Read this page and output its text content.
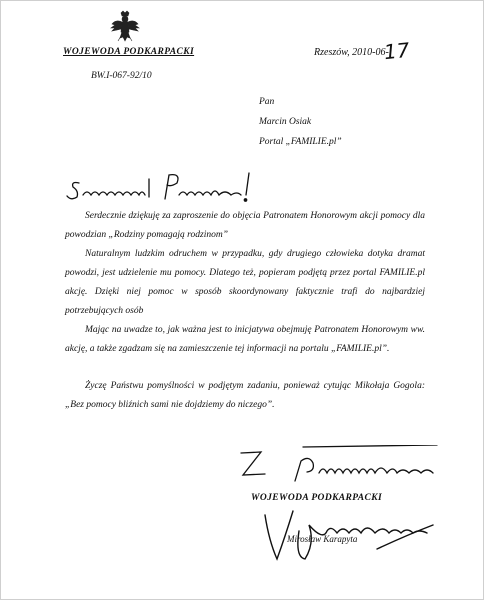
WOJEWODA PODKARPACKI
BW.I-067-92/10
Rzeszów, 2010-06-
17
Pan
Marcin Osiak
Portal „FAMILIE.pl”

Serdecznie dziękuję za zaproszenie do objęcia Patronatem Honorowym akcji pomocy dla powodzian „Rodziny pomagają rodzinom”

Naturalnym ludzkim odruchem w przypadku, gdy drugiego człowieka dotyka dramat powodzi, jest udzielenie mu pomocy. Dlatego też, popieram podjętą przez portal FAMILIE.pl akcję. Dzięki niej pomoc w sposób skoordynowany faktycznie trafi do najbardziej potrzebujących osób

Mając na uwadze to, jak ważna jest to inicjatywa obejmuję Patronatem Honorowym ww. akcję, a także zgadzam się na zamieszczenie tej informacji na portalu „FAMILIE.pl”.

Życzę Państwu pomyślności w podjętym zadaniu, ponieważ cytując Mikołaja Gogola: „Bez pomocy bliźnich sami nie dojdziemy do niczego”.

WOJEWODA PODKARPACKI
Mirosław Karapyta
